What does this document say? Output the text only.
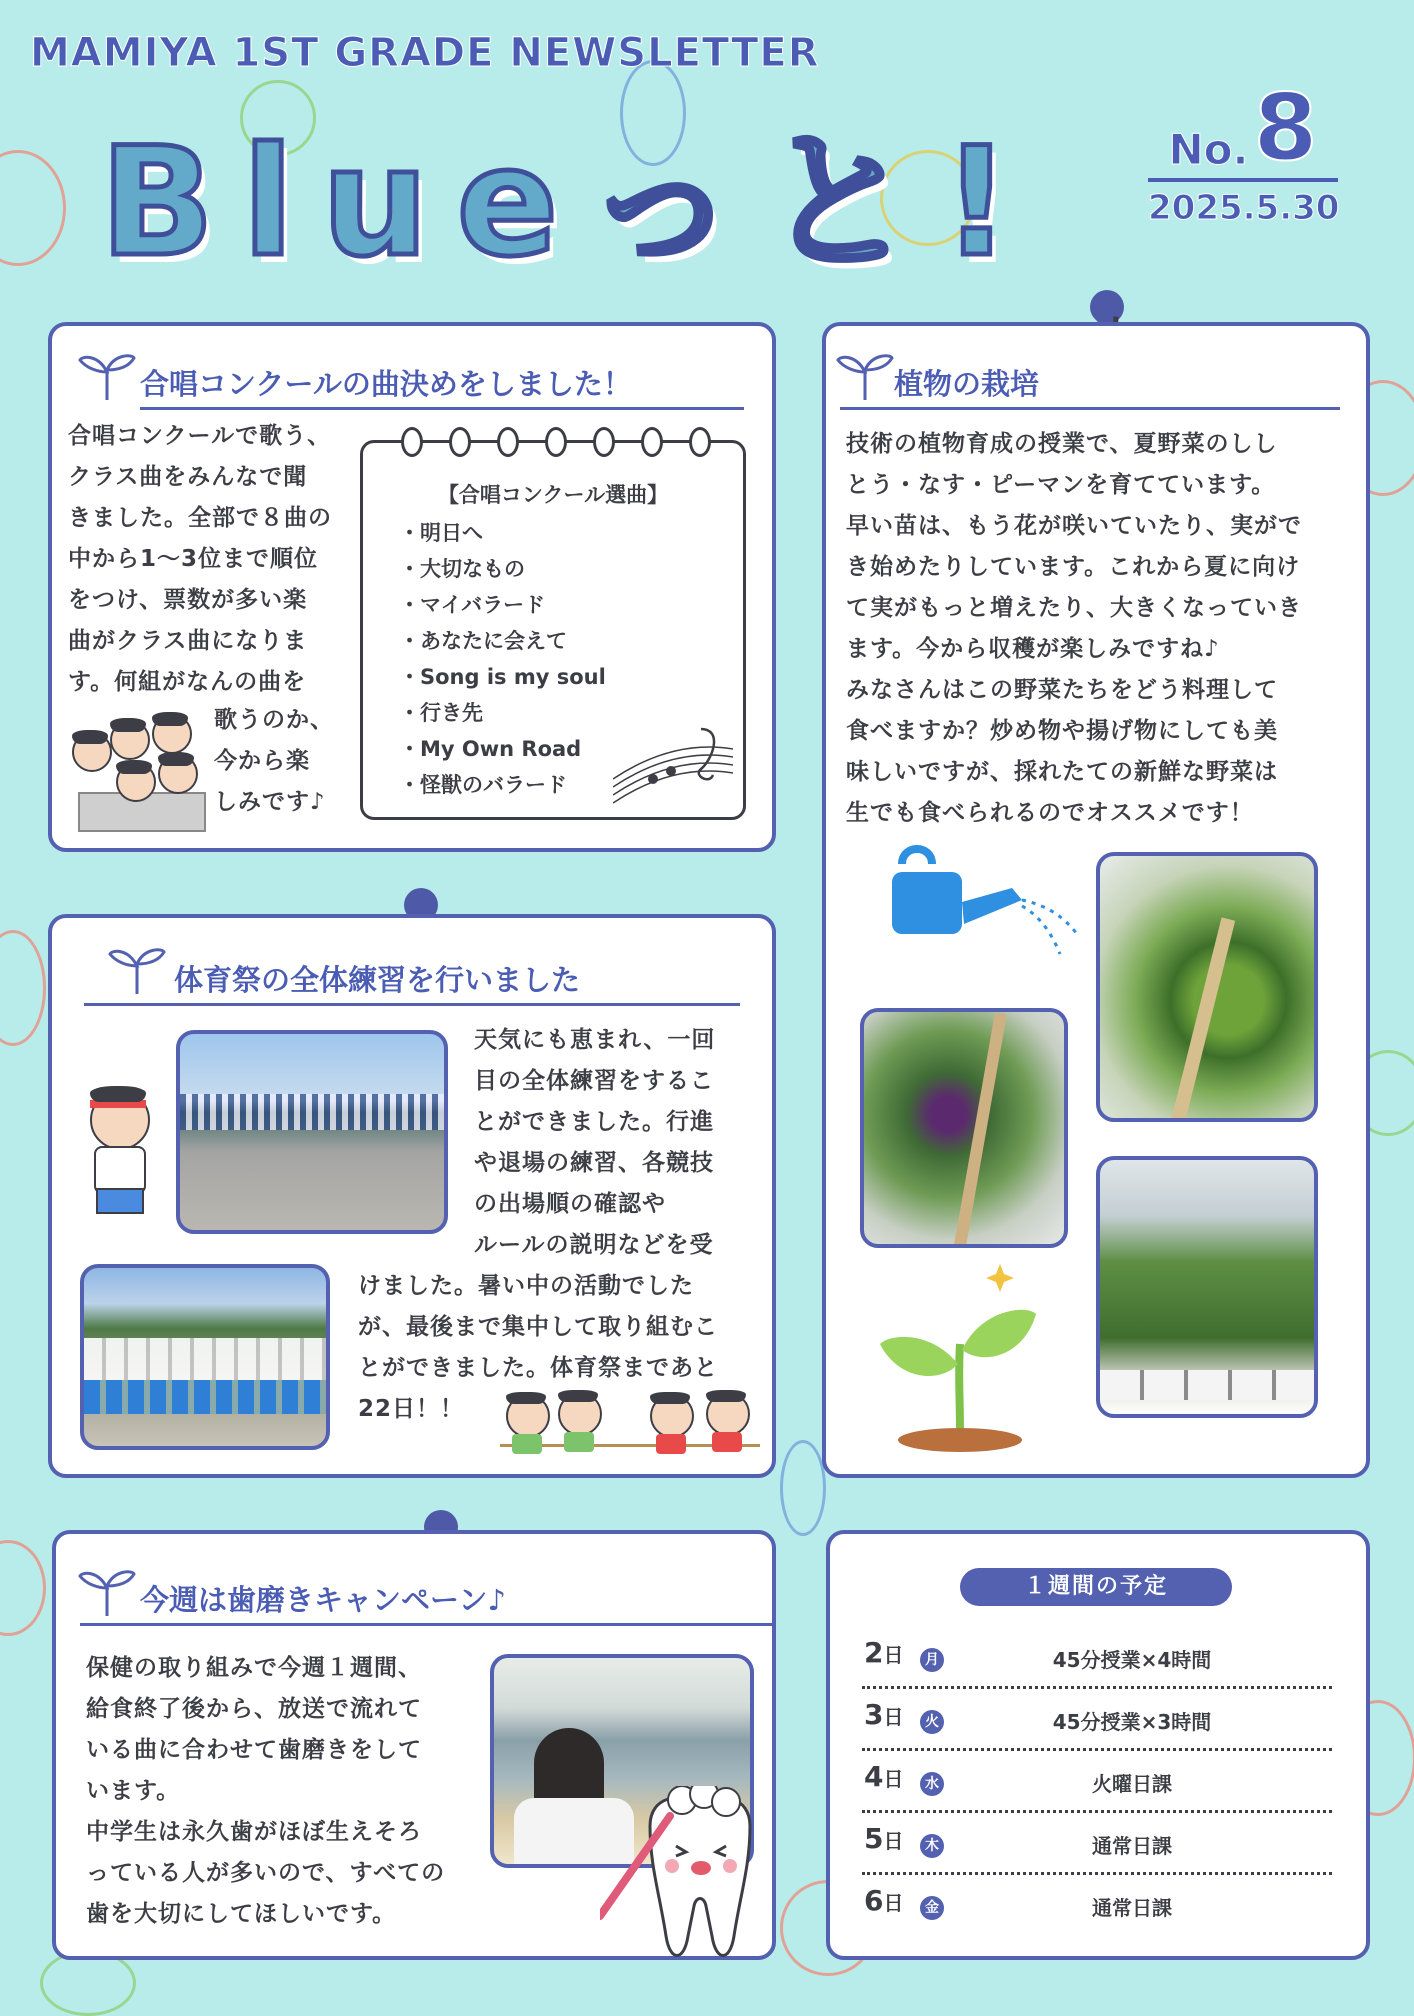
MAMIYA 1ST GRADE NEWSLETTER
Blueっと!	No. 8
2025.5.30
合唱コンクールの曲決めをしました！
合唱コンクールで歌う、
クラス曲をみんなで聞
きました。全部で８曲の
中から1〜3位まで順位
をつけ、票数が多い楽
曲がクラス曲になりま
す。何組がなんの曲を
歌うのか、
今から楽
しみです♪
【合唱コンクール選曲】
・明日へ
・大切なもの
・マイバラード
・あなたに会えて
・Song is my soul
・行き先
・My Own Road
・怪獣のバラード
体育祭の全体練習を行いました
天気にも恵まれ、一回
目の全体練習をするこ
とができました。行進
や退場の練習、各競技
の出場順の確認や
ルールの説明などを受
けました。暑い中の活動でした
が、最後まで集中して取り組むこ
とができました。体育祭まであと
22日！！
植物の栽培
技術の植物育成の授業で、夏野菜のしし
とう・なす・ピーマンを育てています。
早い苗は、もう花が咲いていたり、実がで
き始めたりしています。これから夏に向け
て実がもっと増えたり、大きくなっていき
ます。今から収穫が楽しみですね♪
みなさんはこの野菜たちをどう料理して
食べますか？炒め物や揚げ物にしても美
味しいですが、採れたての新鮮な野菜は
生でも食べられるのでオススメです！
今週は歯磨きキャンペーン♪
保健の取り組みで今週１週間、
給食終了後から、放送で流れて
いる曲に合わせて歯磨きをして
います。
中学生は永久歯がほぼ生えそろ
っている人が多いので、すべての
歯を大切にしてほしいです。
１週間の予定
2日	月	45分授業×4時間
3日	火	45分授業×3時間
4日	水	火曜日課
5日	木	通常日課
6日	金	通常日課
